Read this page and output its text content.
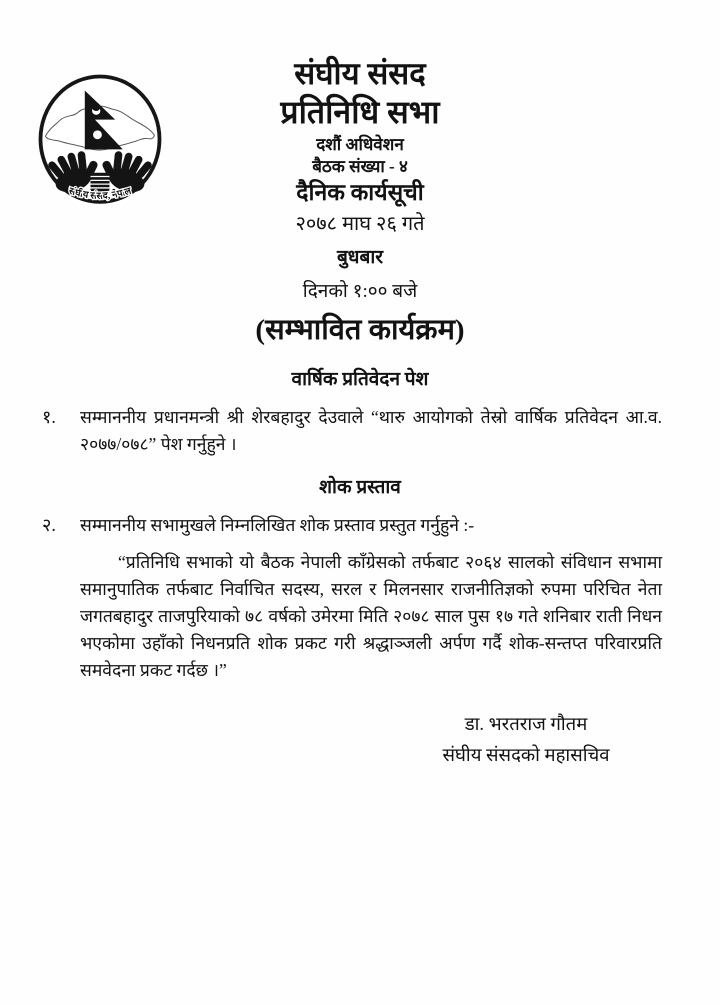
संघीय संसद, नेपाल
संघीय संसद
प्रतिनिधि सभा
दशौं अधिवेशन
बैठक संख्या - ४
दैनिक कार्यसूची
२०७८ माघ २६ गते
बुधबार
दिनको १:०० बजे
(सम्भावित कार्यक्रम)
वार्षिक प्रतिवेदन पेश
१.	सम्माननीय प्रधानमन्त्री श्री शेरबहादुर देउवाले “थारु आयोगको तेस्रो वार्षिक प्रतिवेदन आ.व. २०७७/०७८” पेश गर्नुहुने ।
शोक प्रस्ताव
२.	सम्माननीय सभामुखले निम्नलिखित शोक प्रस्ताव प्रस्तुत गर्नुहुने :-

“प्रतिनिधि सभाको यो बैठक नेपाली काँग्रेसको तर्फबाट २०६४ सालको संविधान सभामा समानुपातिक तर्फबाट निर्वाचित सदस्य, सरल र मिलनसार राजनीतिज्ञको रुपमा परिचित नेता जगतबहादुर ताजपुरियाको ७८ वर्षको उमेरमा मिति २०७८ साल पुस १७ गते शनिबार राती निधन भएकोमा उहाँको निधनप्रति शोक प्रकट गरी श्रद्धाञ्जली अर्पण गर्दै शोक-सन्तप्त परिवारप्रति समवेदना प्रकट गर्दछ ।”

डा. भरतराज गौतम
संघीय संसदको महासचिव
